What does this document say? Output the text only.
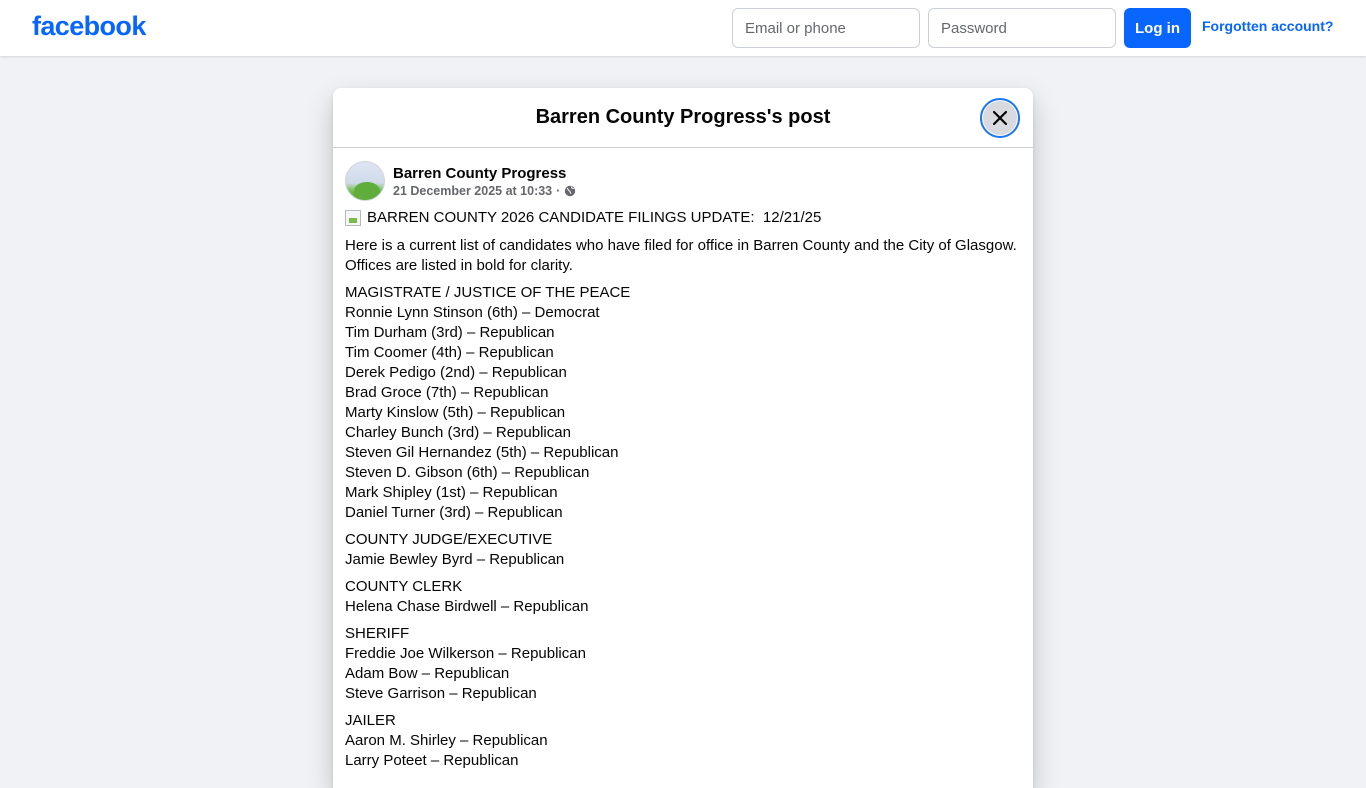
facebook
Email or phone	Log in	Forgotten account?
Barren County Progress's post
Barren County Progress
21 December 2025 at 10:33 ·
BARREN COUNTY 2026 CANDIDATE FILINGS UPDATE:  12/21/25
Here is a current list of candidates who have filed for office in Barren County and the City of Glasgow. Offices are listed in bold for clarity.
MAGISTRATE / JUSTICE OF THE PEACE
Ronnie Lynn Stinson (6th) – Democrat
Tim Durham (3rd) – Republican
Tim Coomer (4th) – Republican
Derek Pedigo (2nd) – Republican
Brad Groce (7th) – Republican
Marty Kinslow (5th) – Republican
Charley Bunch (3rd) – Republican
Steven Gil Hernandez (5th) – Republican
Steven D. Gibson (6th) – Republican
Mark Shipley (1st) – Republican
Daniel Turner (3rd) – Republican
COUNTY JUDGE/EXECUTIVE
Jamie Bewley Byrd – Republican
COUNTY CLERK
Helena Chase Birdwell – Republican
SHERIFF
Freddie Joe Wilkerson – Republican
Adam Bow – Republican
Steve Garrison – Republican
JAILER
Aaron M. Shirley – Republican
Larry Poteet – Republican
